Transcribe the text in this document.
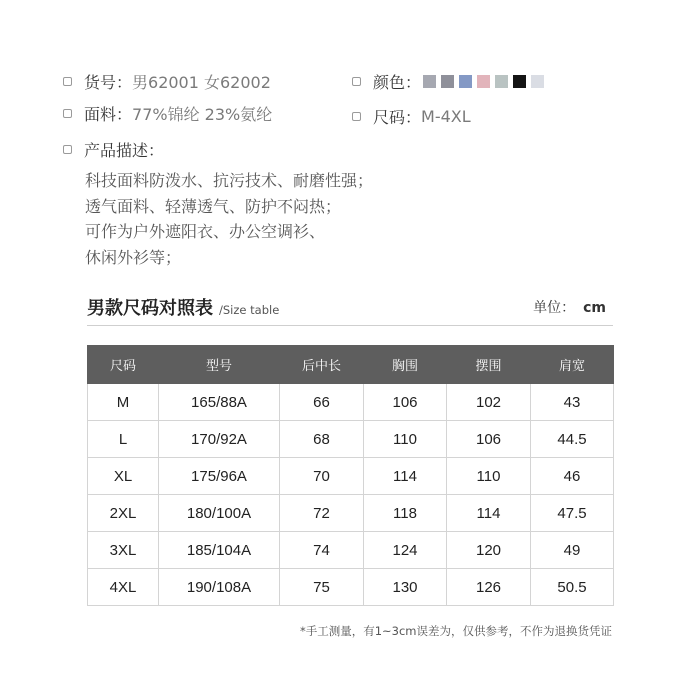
货号： 男62001 女62002	颜色：
面料： 77%锦纶 23%氨纶	尺码： M-4XL
产品描述：
科技面料防泼水、抗污技术、耐磨性强；
透气面料、轻薄透气、防护不闷热；
可作为户外遮阳衣、办公空调衫、
休闲外衫等；
男款尺码对照表 /Size table	单位： cm
尺码	型号	后中长	胸围	摆围	肩宽
M	165/88A	66	106	102	43
L	170/92A	68	110	106	44.5
XL	175/96A	70	114	110	46
2XL	180/100A	72	118	114	47.5
3XL	185/104A	74	124	120	49
4XL	190/108A	75	130	126	50.5
*手工测量，有1~3cm误差为，仅供参考，不作为退换货凭证
